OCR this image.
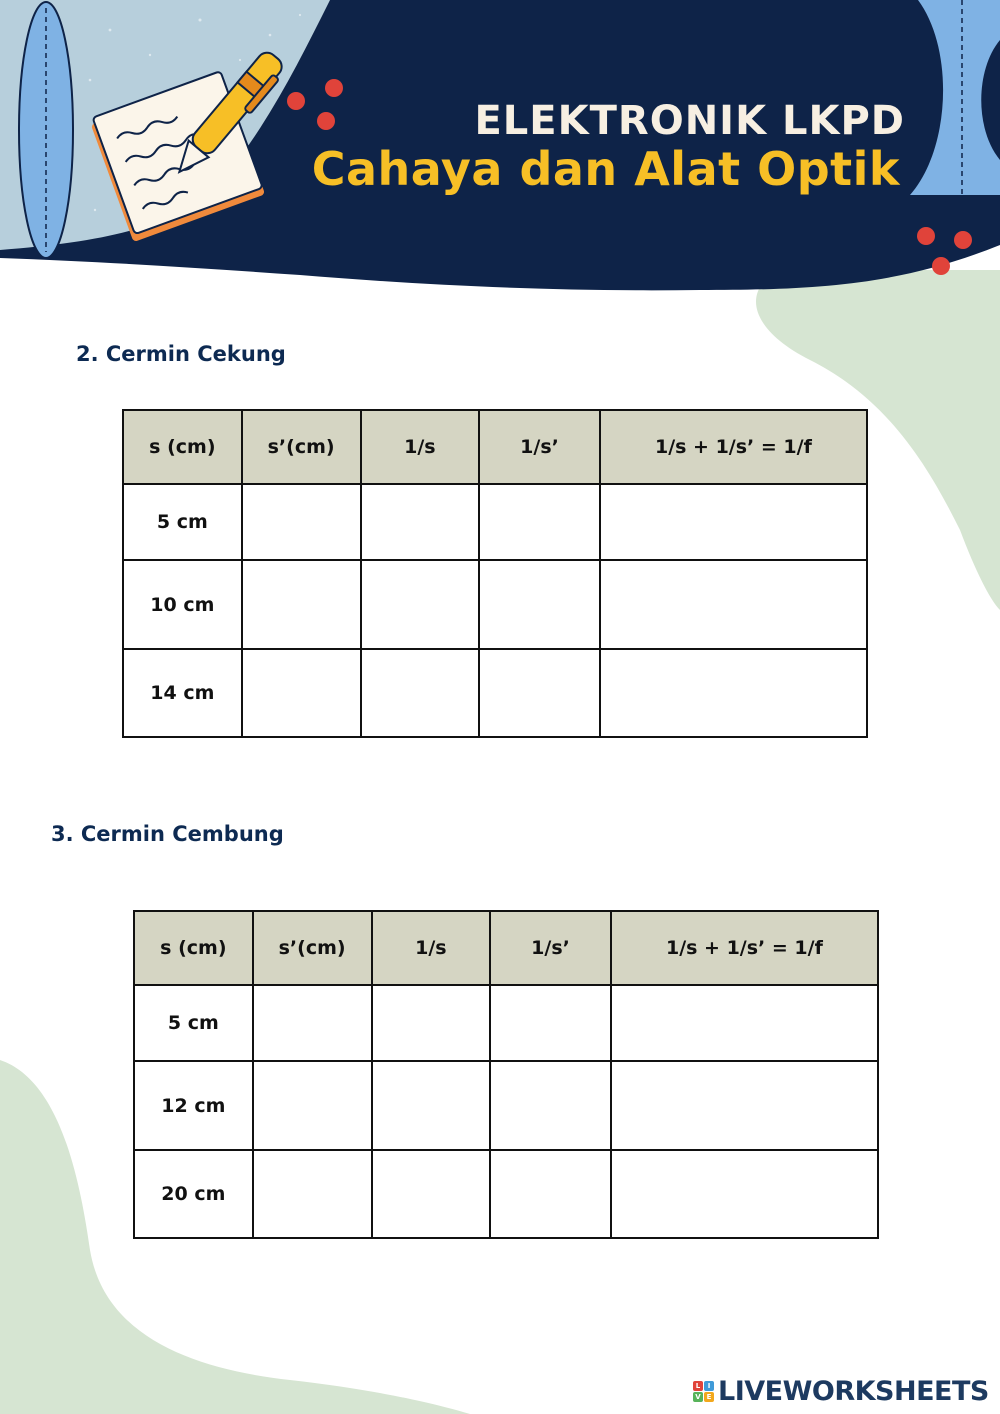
ELEKTRONIK LKPD
Cahaya dan Alat Optik
2. Cermin Cekung
s (cm)	s’(cm)	1/s	1/s’	1/s + 1/s’ = 1/f
5 cm				
10 cm				
14 cm				
3. Cermin Cembung
s (cm)	s’(cm)	1/s	1/s’	1/s + 1/s’ = 1/f
5 cm				
12 cm				
20 cm				
L	I
V E LIVEWORKSHEETS
